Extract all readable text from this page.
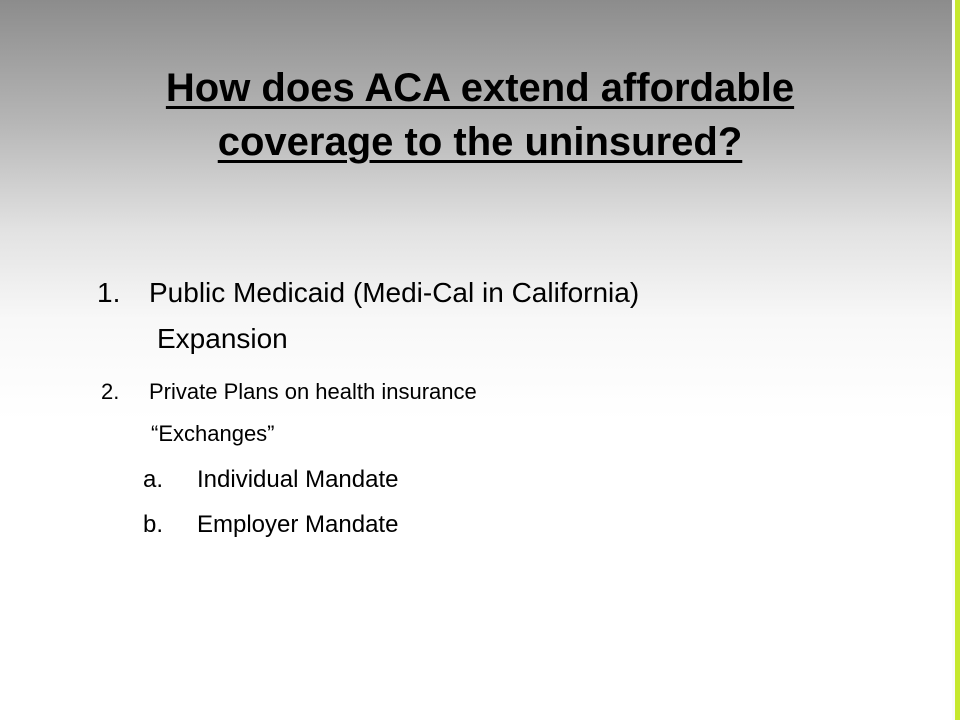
How does ACA extend affordable
coverage to the uninsured?
1. Public Medicaid (Medi-Cal in California)
Expansion
2. Private Plans on health insurance
“Exchanges”
a. Individual Mandate
b. Employer Mandate
